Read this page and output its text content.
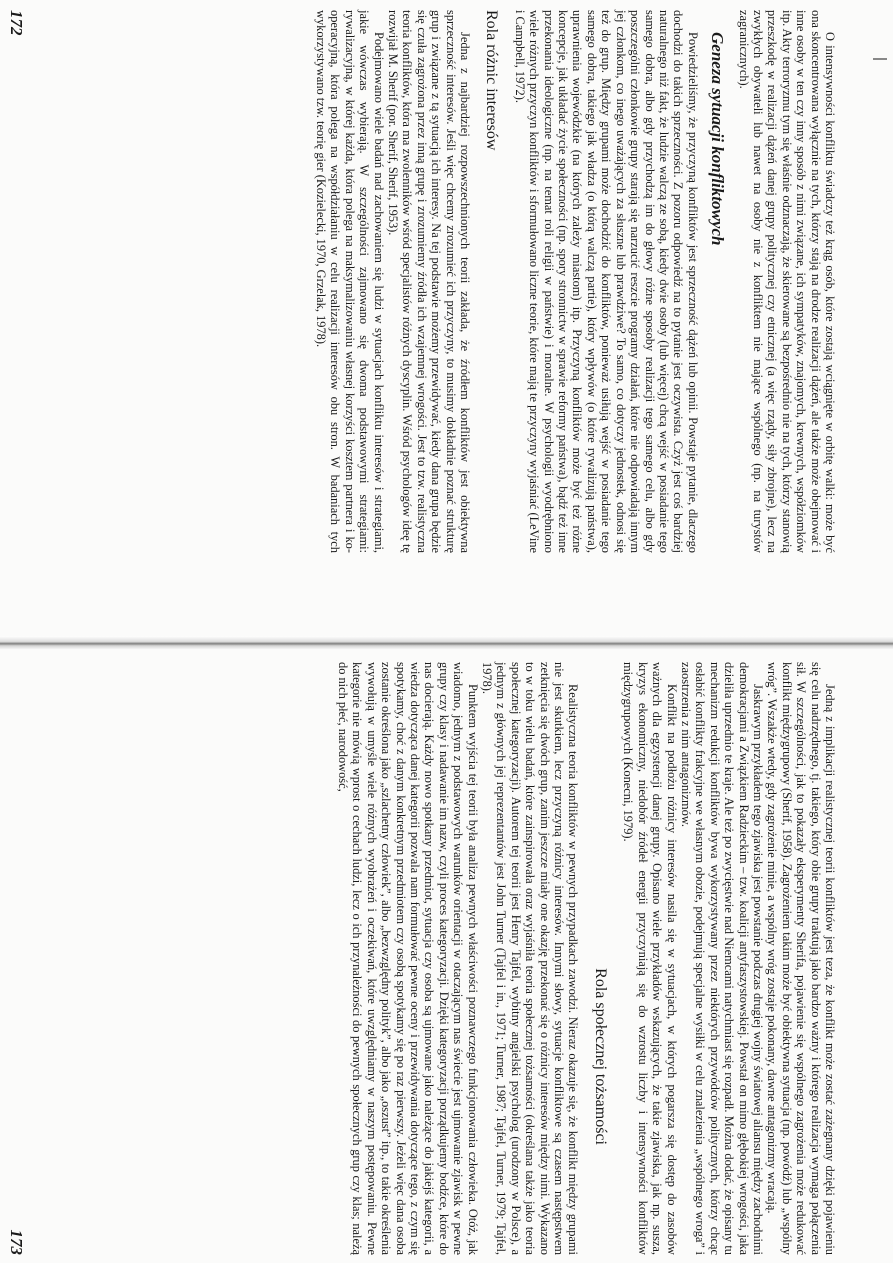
O intensywności konfliktu świadczy też krąg osób, które zostają wciągnięte w orbitę walki: może być ona skoncentrowana wyłącznie na tych, którzy stają na drodze realizacji dążeń, ale także może obejmować i inne osoby w ten czy inny sposób z nimi związane, ich sympatyków, znajomych, krewnych, współziomków itp. Akty terroryzmu tym się właśnie odznaczają, że skierowane są bezpośrednio nie na tych, którzy stanowią przeszkodę w realizacji dążeń danej grupy politycznej czy etnicznej (a więc rządy, siły zbrojne), lecz na zwykłych obywateli lub nawet na osoby nie z konfliktem nie mające wspólnego (np. na turystów zagranicznych).

Geneza sytuacji konfliktowych

Powiedzieliśmy, że przyczyną konfliktów jest sprzeczność dążeń lub opinii. Powstaje pytanie, dlaczego dochodzi do takich sprzeczności. Z pozoru odpowiedź na to pytanie jest oczywista. Czyż jest coś bardziej naturalnego niż fakt, że ludzie walczą ze sobą, kiedy dwie osoby (lub więcej) chcą wejść w posiadanie tego samego dobra, albo gdy przychodzą im do głowy różne sposoby realizacji tego samego celu, albo gdy poszczególni członkowie grupy starają się narzucić reszcie programy działań, które nie odpowiadają innym jej członkom, co inego uważających za słuszne lub prawdziwe? To samo, co dotyczy jednostek, odnosi się też do grup. Między grupami może dochodzić do konfliktów, ponieważ usiłują wejść w posiadanie tego samego dobra, takiego jak władza (o którą walczą partie), który wpływów (o które rywalizują państwa), uprawnienia wojewódzkie (na których zależy miastom) itp. Przyczyną konfliktów może być też różne koncepcje, jak układać życie społeczności (np. spory stronnictw w sprawie reformy państwa), bądź też inne przekonania ideologiczne (np. na temat roli religii w państwie) i moralne. W psychologii wyodrębniono wiele różnych przyczyn konfliktów i sformułowano liczne teorie, które mają te przyczyny wyjaśniać (LeVine i Campbell, 1972).

Rola różnic interesów

Jedna z najbardziej rozpowszechnionych teorii zakłada, że źródłem konfliktów jest obiektywna sprzeczność interesów. Jeśli więc chcemy zrozumieć ich przyczyny, to musimy dokładnie poznać strukturę grup i związane z tą sytuacją ich interesy. Na tej podstawie możemy przewidywać, kiedy dana grupa będzie się czuła zagrożona przez inną grupę i zrozumiemy źródła ich wzajemnej wrogości. Jest to tzw. realistyczna teoria konfliktów, która ma zwolenników wśród specjalistów różnych dyscyplin. Wśród psychologów ideę tę rozwijał M. Sherif (por. Sherif, Sherif, 1953).

Podejmowano wiele badań nad zachowaniem się ludzi w sytuacjach konfliktu interesów i strategiami, jakie wówczas wybierają. W szczególności zajmowano się dwoma podstawowymi strategiami: rywalizacyjną, w której każda, która polega na maksymalizowaniu własnej korzyści kosztem partnera i kooperacyjną, która polega na współdziałaniu w celu realizacji interesów obu stron. W badaniach tych wykorzystywano tzw. teorię gier (Kozielecki, 1970, Grzelak, 1978).

172

Jedną z implikacji realistycznej teorii konfliktów jest teza, że konflikt może zostać zażegnany dzięki pojawieniu się celu nadrzędnego, tj. takiego, który obie grupy traktują jako bardzo ważny i którego realizacja wymaga połączenia sił. W szczególności, jak to pokazały eksperymenty Sherifa, pojawienie się wspólnego zagrożenia może redukować konflikt międzygrupowy (Sherif, 1958). Zagrożeniem takim może być obiektywna sytuacja (np. powódź) lub „wspólny wróg”. Wszakże wtedy, gdy zagrożenie minie, a wspólny wróg zostaje pokonany, dawne antagonizmy wracają.

Jaskrawym przykładem tego zjawiska jest powstanie podczas drugiej wojny światowej aliansu między zachodnimi demokracjami a Związkiem Radzieckim – tzw. koalicji antyfaszystowskiej. Powstał on mimo głębokiej wrogości, jaka dzieliła uprzednio te kraje. Ale też po zwycięstwie nad Niemcami natychmiast się rozpadł. Można dodać, że opisany tu mechanizm redukcji konfliktów bywa wykorzystywany przez niektórych przywódców politycznych, którzy chcąc osłabić konflikty frakcyjne we własnym obozie, podejmują specjalne wysiłki w celu znalezienia „wspólnego wroga” i zaostrzenia z nim antagonizmów.

Konflikt na podłożu różnicy interesów nasila się w sytuacjach, w których pogarsza się dostęp do zasobów ważnych dla egzystencji danej grupy. Opisano wiele przykładów wskazujących, że takie zjawiska, jak np. susza, kryzys ekonomiczny, niedobór źródeł energii przyczyniają się do wzrostu liczby i intensywności konfliktów międzygrupowych (Konecni, 1979).

Rola społecznej tożsamości

Realistyczna teoria konfliktów w pewnych przypadkach zawodzi. Nieraz okazuje się, że konflikt między grupami nie jest skutkiem, lecz przyczyną różnicy interesów. Innymi słowy, sytuacje konfliktowe są czasem następstwem zetknięcia się dwóch grup, zanim jeszcze miały one okazję przekonać się o różnicy interesów między nimi. Wykazano to w toku wielu badań, które zainspirowała oraz wyjaśniła teoria społecznej tożsamości (określana także jako teoria społecznej kategoryzacji). Autorem tej teorii jest Henry Tajfel, wybitny angielski psycholog (urodzony w Polsce), a jednym z głównych jej reprezentantów jest John Turner (Tajfel i in., 1971; Turner, 1987; Tajfel, Turner, 1979; Tajfel, 1978).

Punktem wyjścia tej teorii była analiza pewnych właściwości poznawczego funkcjonowania człowieka. Otóż, jak wiadomo, jednym z podstawowych warunków orientacji w otaczającym nas świecie jest ujmowanie zjawisk w pewne grupy czy klasy i nadawanie im nazw, czyli proces kategoryzacji. Dzięki kategoryzacji porządkujemy bodźce, które do nas docierają. Każdy nowo spotkany przedmiot, sytuacja czy osoba są ujmowane jako należące do jakiejś kategorii, a wiedza dotycząca danej kategorii pozwala nam formułować pewne oceny i przewidywania dotyczące tego, z czym się spotykamy, choć z danym konkretnym przedmiotem czy osobą spotykamy się po raz pierwszy. Jeżeli więc dana osoba zostanie określona jako „szlachetny człowiek”, albo „bezwzględny polityk”, albo jako „oszust” itp., to takie określenia wywołują w umyśle wiele różnych wyobrażeń i oczekiwań, które uwzględniamy w naszym postępowaniu. Pewne kategorie nie mówią wprost o cechach ludzi, lecz o ich przynależności do pewnych społecznych grup czy klas; należą do nich płeć, narodowość,

173
